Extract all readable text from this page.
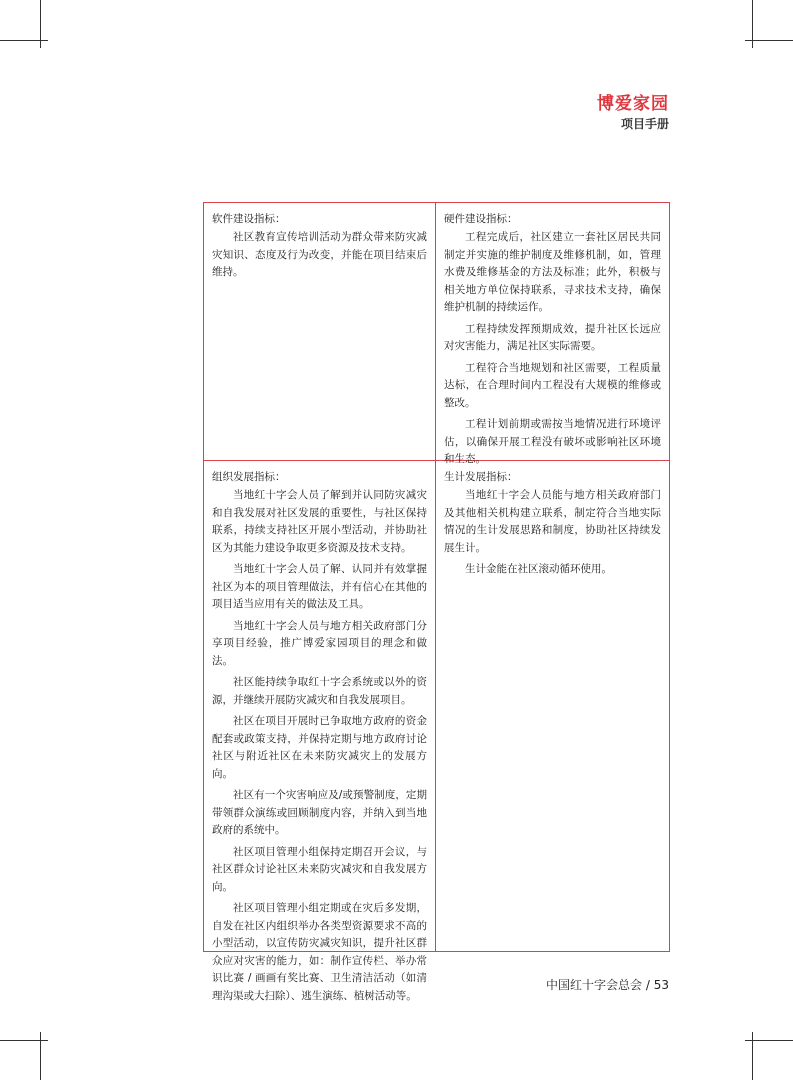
博爱家园
项目手册
软件建设指标：

社区教育宣传培训活动为群众带来防灾减灾知识、态度及行为改变，并能在项目结束后维持。

硬件建设指标：

工程完成后，社区建立一套社区居民共同制定并实施的维护制度及维修机制，如，管理水费及维修基金的方法及标准；此外，积极与相关地方单位保持联系，寻求技术支持，确保维护机制的持续运作。

工程持续发挥预期成效，提升社区长远应对灾害能力，满足社区实际需要。

工程符合当地规划和社区需要，工程质量达标，在合理时间内工程没有大规模的维修或整改。

工程计划前期或需按当地情况进行环境评估，以确保开展工程没有破坏或影响社区环境和生态。

组织发展指标：

当地红十字会人员了解到并认同防灾减灾和自我发展对社区发展的重要性，与社区保持联系，持续支持社区开展小型活动，并协助社区为其能力建设争取更多资源及技术支持。

当地红十字会人员了解、认同并有效掌握社区为本的项目管理做法，并有信心在其他的项目适当应用有关的做法及工具。

当地红十字会人员与地方相关政府部门分享项目经验，推广博爱家园项目的理念和做法。

社区能持续争取红十字会系统或以外的资源，并继续开展防灾减灾和自我发展项目。

社区在项目开展时已争取地方政府的资金配套或政策支持，并保持定期与地方政府讨论社区与附近社区在未来防灾减灾上的发展方向。

社区有一个灾害响应及/或预警制度，定期带领群众演练或回顾制度内容，并纳入到当地政府的系统中。

社区项目管理小组保持定期召开会议，与社区群众讨论社区未来防灾减灾和自我发展方向。

社区项目管理小组定期或在灾后多发期，自发在社区内组织举办各类型资源要求不高的小型活动，以宣传防灾减灾知识，提升社区群众应对灾害的能力，如：制作宣传栏、举办常识比赛 / 画画有奖比赛、卫生清洁活动（如清理沟渠或大扫除）、逃生演练、植树活动等。

生计发展指标：

当地红十字会人员能与地方相关政府部门及其他相关机构建立联系，制定符合当地实际情况的生计发展思路和制度，协助社区持续发展生计。

生计金能在社区滚动循环使用。

中国红十字会总会 / 53
